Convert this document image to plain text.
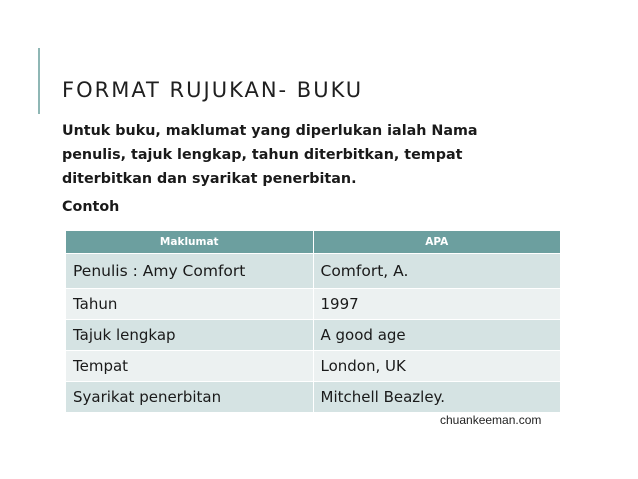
FORMAT RUJUKAN- BUKU
Untuk buku, maklumat yang diperlukan ialah Nama penulis, tajuk lengkap, tahun diterbitkan, tempat diterbitkan dan syarikat penerbitan.
Contoh
Maklumat	APA
Penulis : Amy Comfort	Comfort, A.
Tahun	1997
Tajuk lengkap	A good age
Tempat	London, UK
Syarikat penerbitan	Mitchell Beazley.
chuankeeman.com
